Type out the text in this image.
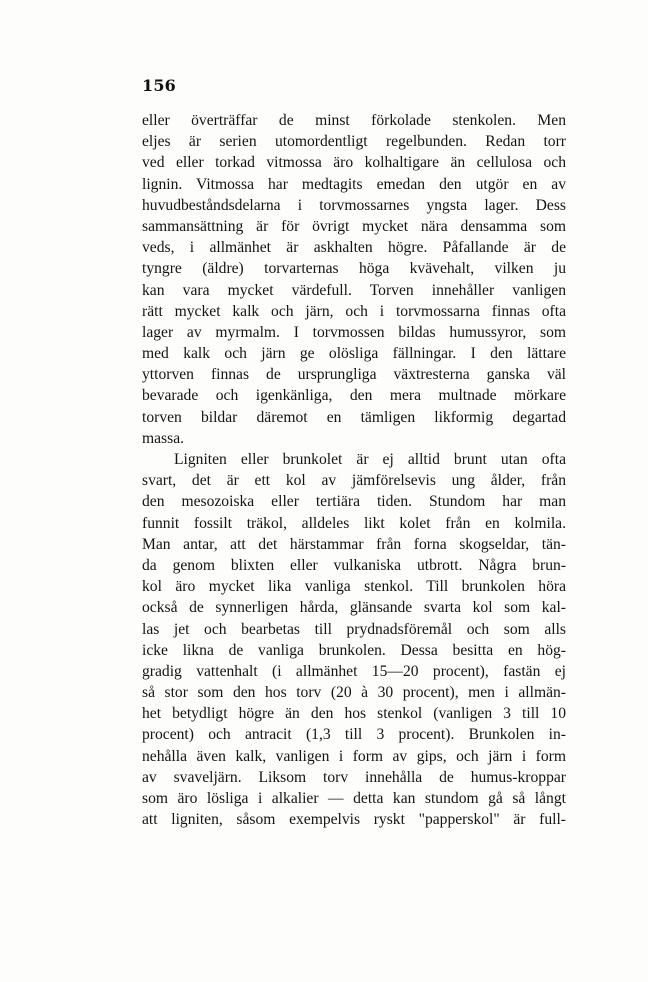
156
eller överträffar de minst förkolade stenkolen. Men
eljes är serien utomordentligt regelbunden. Redan torr
ved eller torkad vitmossa äro kolhaltigare än cellulosa och
lignin. Vitmossa har medtagits emedan den utgör en av
huvudbeståndsdelarna i torvmossarnes yngsta lager. Dess
sammansättning är för övrigt mycket nära densamma som
veds, i allmänhet är askhalten högre. Påfallande är de
tyngre (äldre) torvarternas höga kvävehalt, vilken ju
kan vara mycket värdefull. Torven innehåller vanligen
rätt mycket kalk och järn, och i torvmossarna finnas ofta
lager av myrmalm. I torvmossen bildas humussyror, som
med kalk och järn ge olösliga fällningar. I den lättare
yttorven finnas de ursprungliga växtresterna ganska väl
bevarade och igenkänliga, den mera multnade mörkare
torven bildar däremot en tämligen likformig degartad
massa.
Ligniten eller brunkolet är ej alltid brunt utan ofta
svart, det är ett kol av jämförelsevis ung ålder, från
den mesozoiska eller tertiära tiden. Stundom har man
funnit fossilt träkol, alldeles likt kolet från en kolmila.
Man antar, att det härstammar från forna skogseldar, tän-
da genom blixten eller vulkaniska utbrott. Några brun-
kol äro mycket lika vanliga stenkol. Till brunkolen höra
också de synnerligen hårda, glänsande svarta kol som kal-
las jet och bearbetas till prydnadsföremål och som alls
icke likna de vanliga brunkolen. Dessa besitta en hög-
gradig vattenhalt (i allmänhet 15—20 procent), fastän ej
så stor som den hos torv (20 à 30 procent), men i allmän-
het betydligt högre än den hos stenkol (vanligen 3 till 10
procent) och antracit (1,3 till 3 procent). Brunkolen in-
nehålla även kalk, vanligen i form av gips, och järn i form
av svaveljärn. Liksom torv innehålla de humus-kroppar
som äro lösliga i alkalier — detta kan stundom gå så långt
att ligniten, såsom exempelvis ryskt "papperskol" är full-
